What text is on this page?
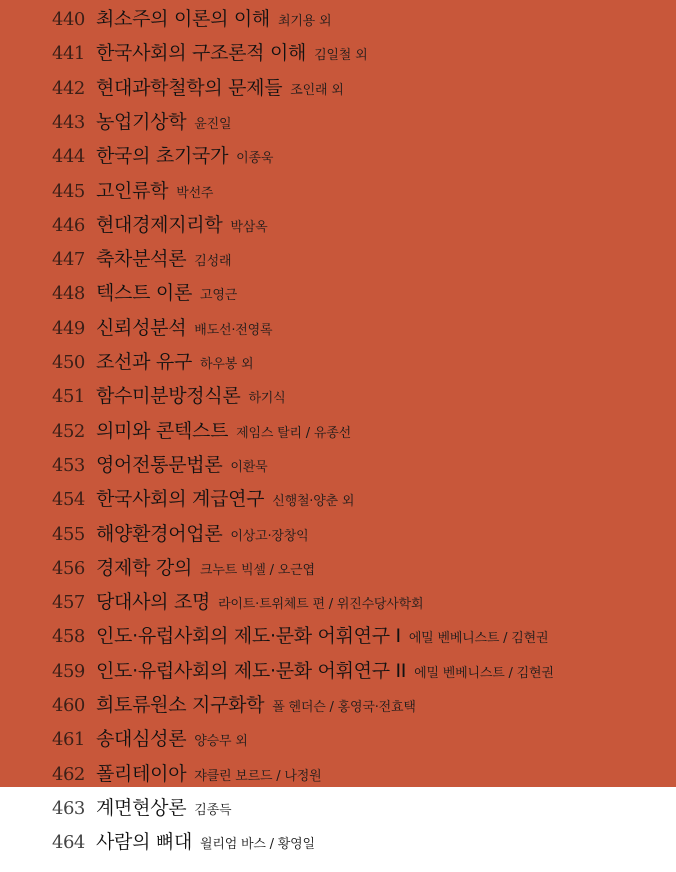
440 최소주의 이론의 이해 최기용 외
441 한국사회의 구조론적 이해 김일철 외
442 현대과학철학의 문제들 조인래 외
443 농업기상학 윤진일
444 한국의 초기국가 이종욱
445 고인류학 박선주
446 현대경제지리학 박삼옥
447 축차분석론 김성래
448 텍스트 이론 고영근
449 신뢰성분석 배도선·전영록
450 조선과 유구 하우봉 외
451 함수미분방정식론 하기식
452 의미와 콘텍스트 제임스 탈리 / 유종선
453 영어전통문법론 이환묵
454 한국사회의 계급연구 신행철·양춘 외
455 해양환경어업론 이상고·장창익
456 경제학 강의 크누트 빅셀 / 오근엽
457 당대사의 조명 라이트·트위체트 편 / 위진수당사학회
458 인도·유럽사회의 제도·문화 어휘연구 I 에밀 벤베니스트 / 김현권
459 인도·유럽사회의 제도·문화 어휘연구 II 에밀 벤베니스트 / 김현권
460 희토류원소 지구화학 폴 헨더슨 / 홍영국·전효택
461 송대심성론 양승무 외
462 폴리테이아 쟈클린 보르드 / 나정원
463 계면현상론 김종득
464 사람의 뼈대 윌리엄 바스 / 황영일
